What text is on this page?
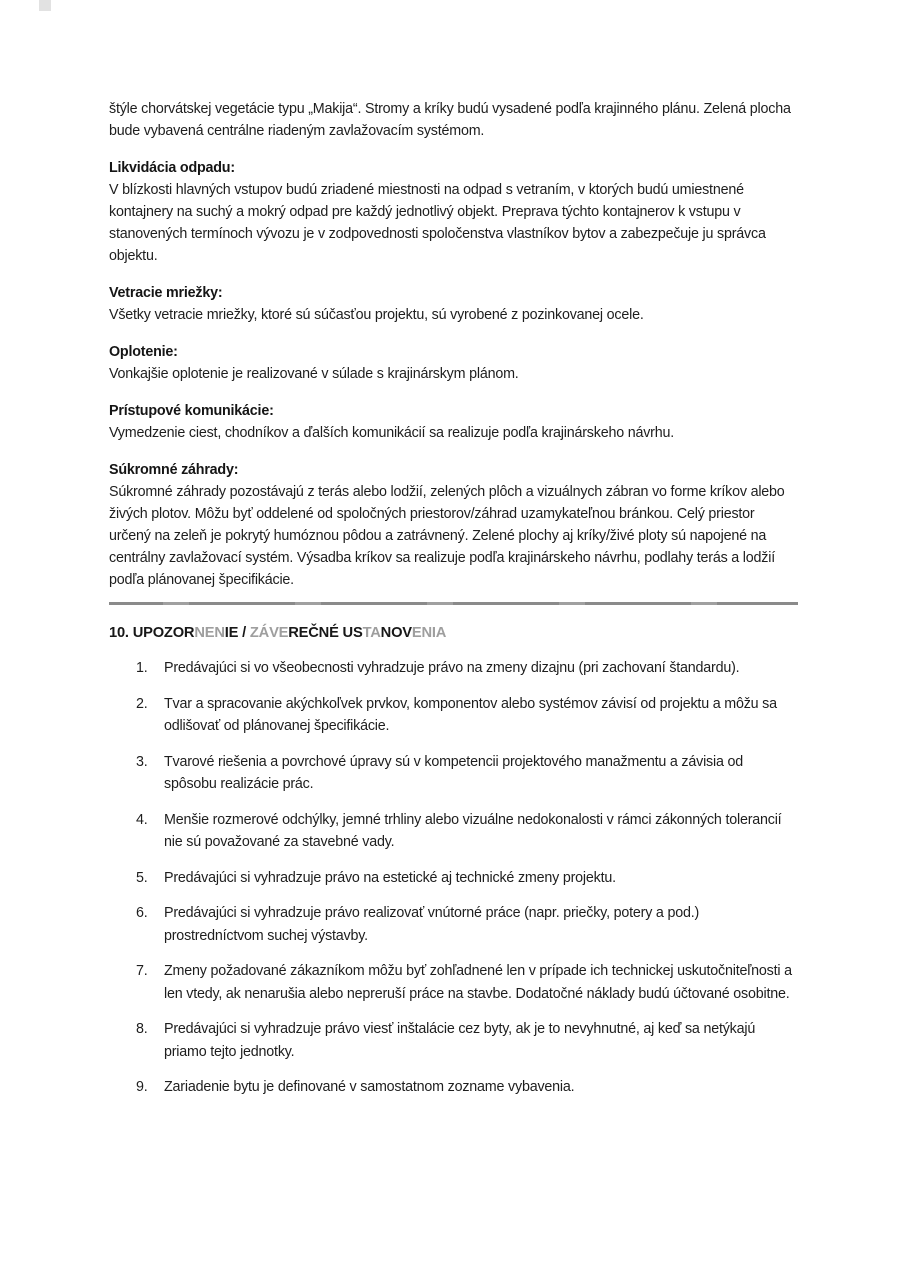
štýle chorvátskej vegetácie typu „Makija“. Stromy a kríky budú vysadené podľa krajinného plánu. Zelená plocha bude vybavená centrálne riadeným zavlažovacím systémom.

Likvidácia odpadu:

V blízkosti hlavných vstupov budú zriadené miestnosti na odpad s vetraním, v ktorých budú umiestnené kontajnery na suchý a mokrý odpad pre každý jednotlivý objekt. Preprava týchto kontajnerov k vstupu v stanovených termínoch vývozu je v zodpovednosti spoločenstva vlastníkov bytov a zabezpečuje ju správca objektu.

Vetracie mriežky:

Všetky vetracie mriežky, ktoré sú súčasťou projektu, sú vyrobené z pozinkovanej ocele.

Oplotenie:

Vonkajšie oplotenie je realizované v súlade s krajinárskym plánom.

Prístupové komunikácie:

Vymedzenie ciest, chodníkov a ďalších komunikácií sa realizuje podľa krajinárskeho návrhu.

Súkromné záhrady:

Súkromné záhrady pozostávajú z terás alebo lodžií, zelených plôch a vizuálnych zábran vo forme kríkov alebo živých plotov. Môžu byť oddelené od spoločných priestorov/záhrad uzamykateľnou bránkou. Celý priestor určený na zeleň je pokrytý humóznou pôdou a zatrávnený. Zelené plochy aj kríky/živé ploty sú napojené na centrálny zavlažovací systém. Výsadba kríkov sa realizuje podľa krajinárskeho návrhu, podlahy terás a lodžií podľa plánovanej špecifikácie.

10. UPOZORNENIE / ZÁVEREČNÉ USTANOVENIA
1.	Predávajúci si vo všeobecnosti vyhradzuje právo na zmeny dizajnu (pri zachovaní štandardu).
2.	Tvar a spracovanie akýchkoľvek prvkov, komponentov alebo systémov závisí od projektu a môžu sa odlišovať od plánovanej špecifikácie.
3.	Tvarové riešenia a povrchové úpravy sú v kompetencii projektového manažmentu a závisia od spôsobu realizácie prác.
4.	Menšie rozmerové odchýlky, jemné trhliny alebo vizuálne nedokonalosti v rámci zákonných tolerancií nie sú považované za stavebné vady.
5.	Predávajúci si vyhradzuje právo na estetické aj technické zmeny projektu.
6.	Predávajúci si vyhradzuje právo realizovať vnútorné práce (napr. priečky, potery a pod.) prostredníctvom suchej výstavby.
7.	Zmeny požadované zákazníkom môžu byť zohľadnené len v prípade ich technickej uskutočniteľnosti a len vtedy, ak nenarušia alebo nepreruší práce na stavbe. Dodatočné náklady budú účtované osobitne.
8.	Predávajúci si vyhradzuje právo viesť inštalácie cez byty, ak je to nevyhnutné, aj keď sa netýkajú priamo tejto jednotky.
9.	Zariadenie bytu je definované v samostatnom zozname vybavenia.
